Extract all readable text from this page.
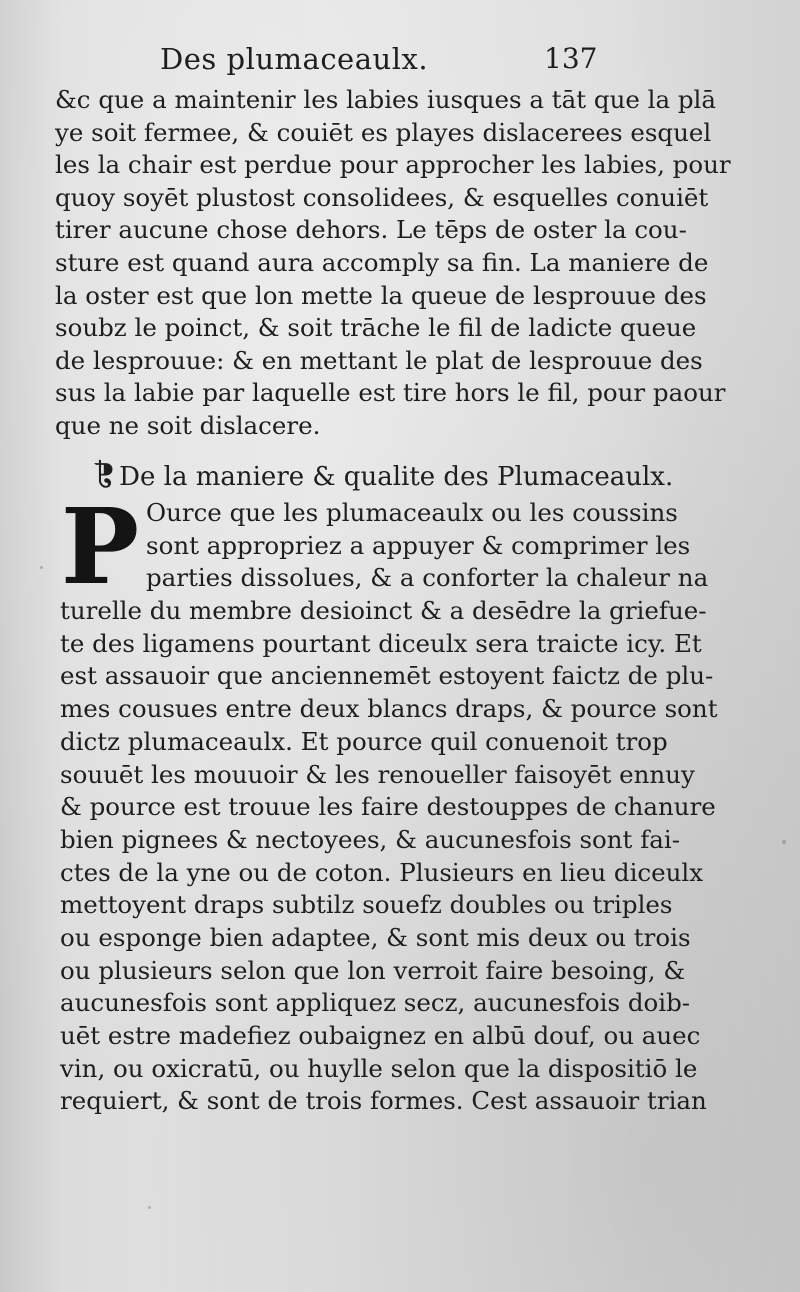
Des plumaceaulx.	137
&c que a maintenir les labies iusques a tāt que la plā
ye soit fermee, & couiēt es playes dislacerees esquel
les la chair est perdue pour approcher les labies, pour
quoy soyēt plustost consolidees, & esquelles conuiēt
tirer aucune chose dehors. Le tēps de oster la cou-
sture est quand aura accomply sa fin. La maniere de
la oster est que lon mette la queue de lesprouue des
soubz le poinct, & soit trāche le fil de ladicte queue
de lesprouue: & en mettant le plat de lesprouue des
sus la labie par laquelle est tire hors le fil, pour paour
que ne soit dislacere.
❡De la maniere & qualite des Plumaceaulx.
P Ource que les plumaceaulx ou les coussins
sont appropriez a appuyer & comprimer les
parties dissolues, & a conforter la chaleur na
turelle du membre desioinct & a desēdre la griefue-
te des ligamens pourtant diceulx sera traicte icy. Et
est assauoir que anciennemēt estoyent faictz de plu-
mes cousues entre deux blancs draps, & pource sont
dictz plumaceaulx. Et pource quil conuenoit trop
souuēt les mouuoir & les renoueller faisoyēt ennuy
& pource est trouue les faire destouppes de chanure
bien pignees & nectoyees, & aucunesfois sont fai-
ctes de la yne ou de coton. Plusieurs en lieu diceulx
mettoyent draps subtilz souefz doubles ou triples
ou esponge bien adaptee, & sont mis deux ou trois
ou plusieurs selon que lon verroit faire besoing, &
aucunesfois sont appliquez secz, aucunesfois doib-
uēt estre madefiez oubaignez en albū douf, ou auec
vin, ou oxicratū, ou huylle selon que la dispositiō le
requiert, & sont de trois formes. Cest assauoir trian
